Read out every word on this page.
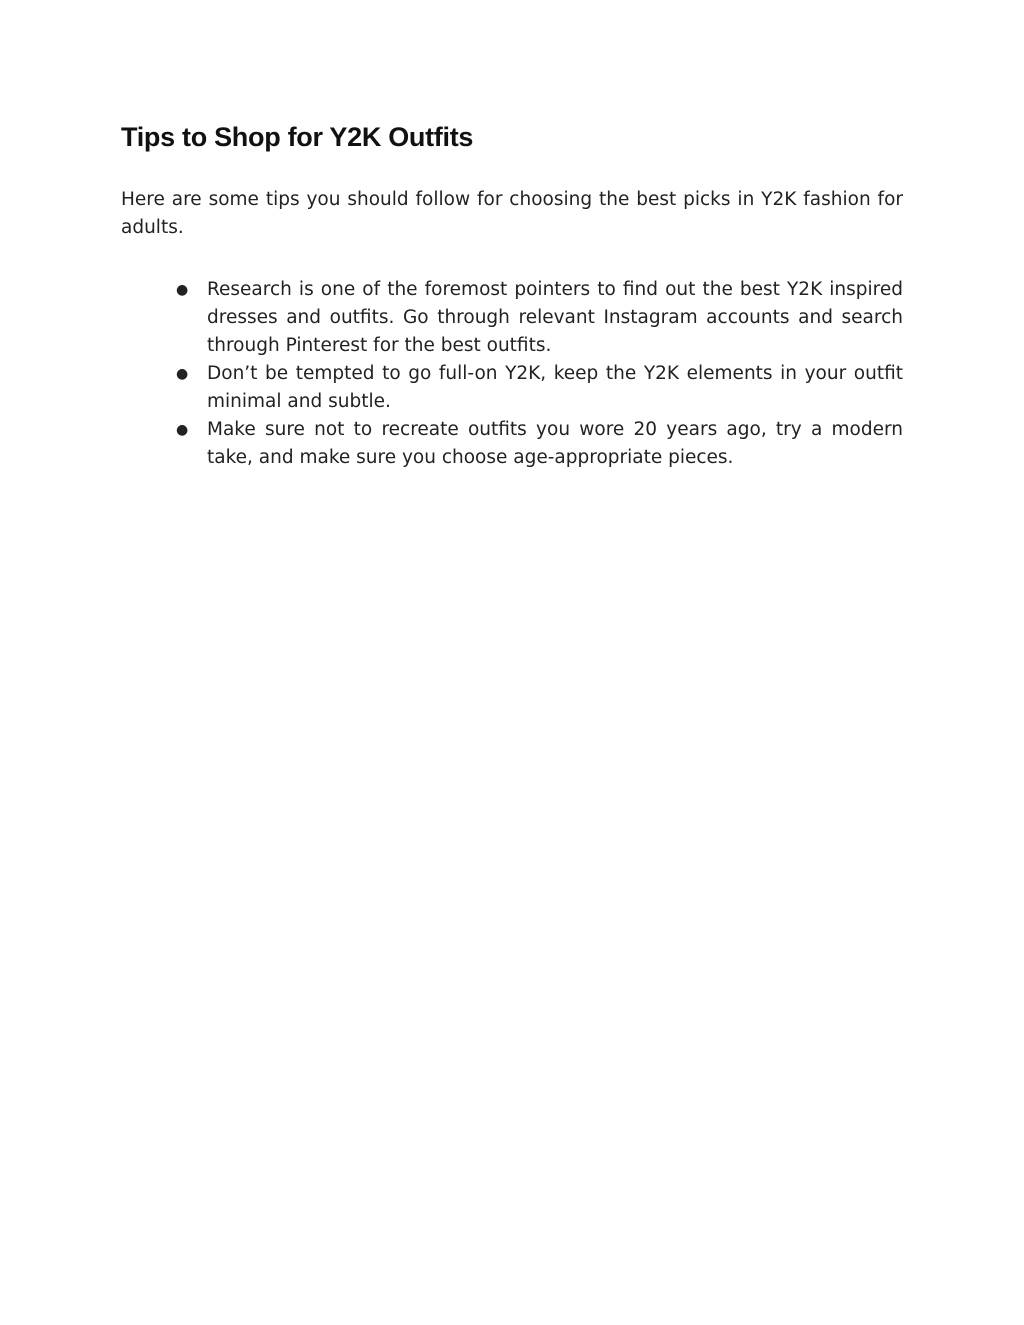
Tips to Shop for Y2K Outfits

Here are some tips you should follow for choosing the best picks in Y2K fashion for adults.

● Research is one of the foremost pointers to find out the best Y2K inspired dresses and outfits. Go through relevant Instagram accounts and search through Pinterest for the best outfits.
● Don’t be tempted to go full-on Y2K, keep the Y2K elements in your outfit minimal and subtle.
● Make sure not to recreate outfits you wore 20 years ago, try a modern take, and make sure you choose age-appropriate pieces.
